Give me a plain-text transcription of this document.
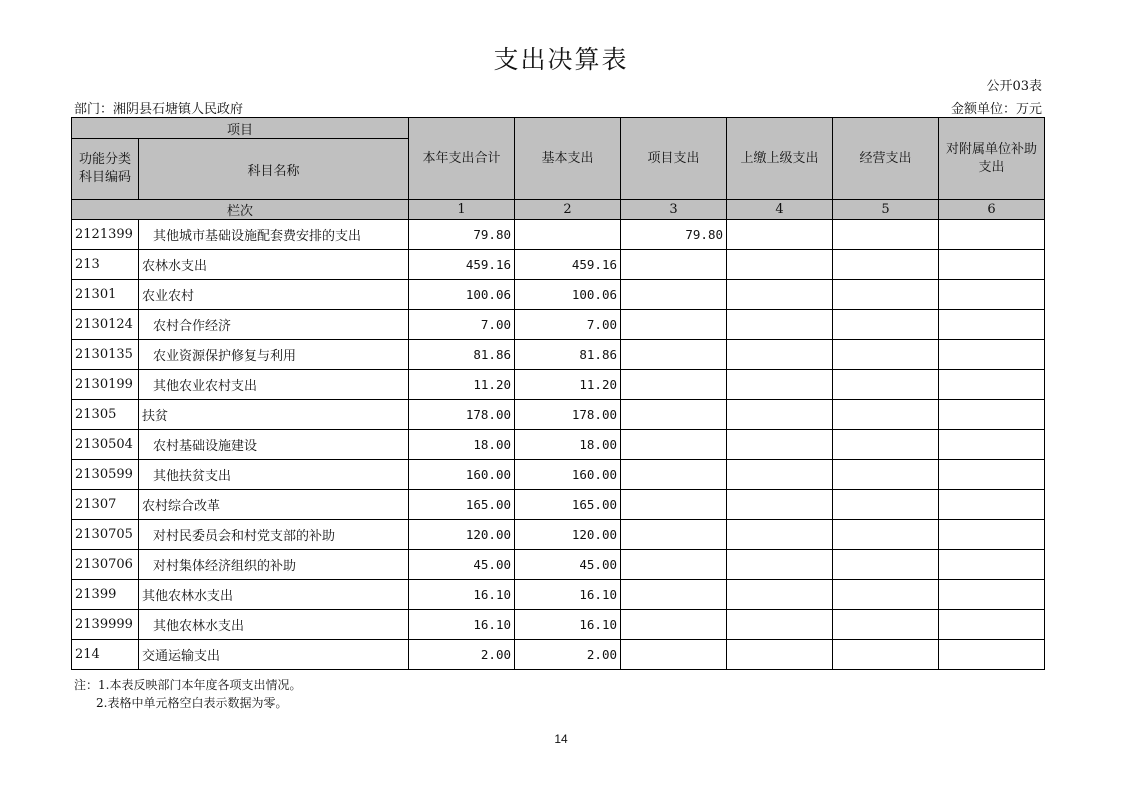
支出决算表
公开03表
部门：湘阴县石塘镇人民政府	金额单位：万元
项目		本年支出合计	基本支出	项目支出	上缴上级支出	经营支出	对附属单位补助支出
功能分类科目编码	科目名称						
栏次		1	2	3	4	5	6
2121399	其他城市基础设施配套费安排的支出	79.80		79.80			
213	农林水支出	459.16	459.16				
21301	农业农村	100.06	100.06				
2130124	农村合作经济	7.00	7.00				
2130135	农业资源保护修复与利用	81.86	81.86				
2130199	其他农业农村支出	11.20	11.20				
21305	扶贫	178.00	178.00				
2130504	农村基础设施建设	18.00	18.00				
2130599	其他扶贫支出	160.00	160.00				
21307	农村综合改革	165.00	165.00				
2130705	对村民委员会和村党支部的补助	120.00	120.00				
2130706	对村集体经济组织的补助	45.00	45.00				
21399	其他农林水支出	16.10	16.10				
2139999	其他农林水支出	16.10	16.10				
214	交通运输支出	2.00	2.00				
注：1.本表反映部门本年度各项支出情况。
2.表格中单元格空白表示数据为零。
14
